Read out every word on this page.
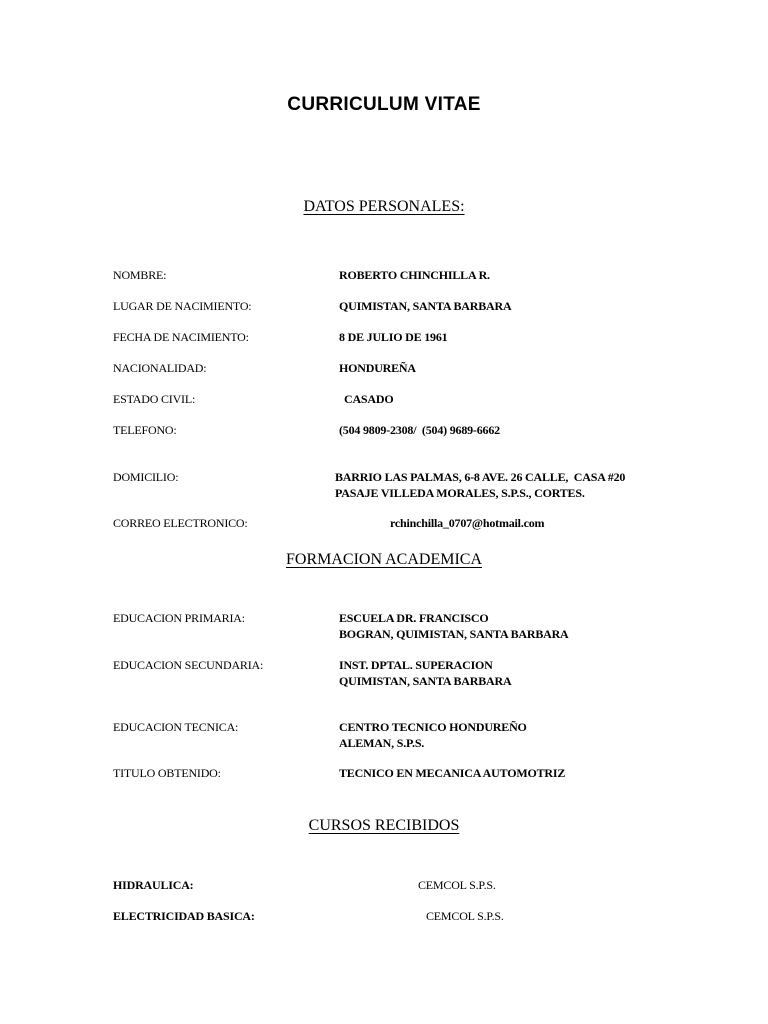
CURRICULUM VITAE
DATOS PERSONALES:
NOMBRE:	ROBERTO CHINCHILLA R.
LUGAR DE NACIMIENTO:	QUIMISTAN, SANTA BARBARA
FECHA DE NACIMIENTO:	8 DE JULIO DE 1961
NACIONALIDAD:	HONDUREÑA
ESTADO CIVIL:	CASADO
TELEFONO:	(504 9809-2308/  (504) 9689-6662
DOMICILIO:	BARRIO LAS PALMAS, 6-8 AVE. 26 CALLE,  CASA #20
PASAJE VILLEDA MORALES, S.P.S., CORTES.
CORREO ELECTRONICO:	rchinchilla_0707@hotmail.com
FORMACION ACADEMICA
EDUCACION PRIMARIA:	ESCUELA DR. FRANCISCO
BOGRAN, QUIMISTAN, SANTA BARBARA
EDUCACION SECUNDARIA:	INST. DPTAL. SUPERACION
QUIMISTAN, SANTA BARBARA
EDUCACION TECNICA:	CENTRO TECNICO HONDUREÑO
ALEMAN, S.P.S.
TITULO OBTENIDO:	TECNICO EN MECANICA AUTOMOTRIZ
CURSOS RECIBIDOS
HIDRAULICA:	CEMCOL S.P.S.
ELECTRICIDAD BASICA:	CEMCOL S.P.S.
